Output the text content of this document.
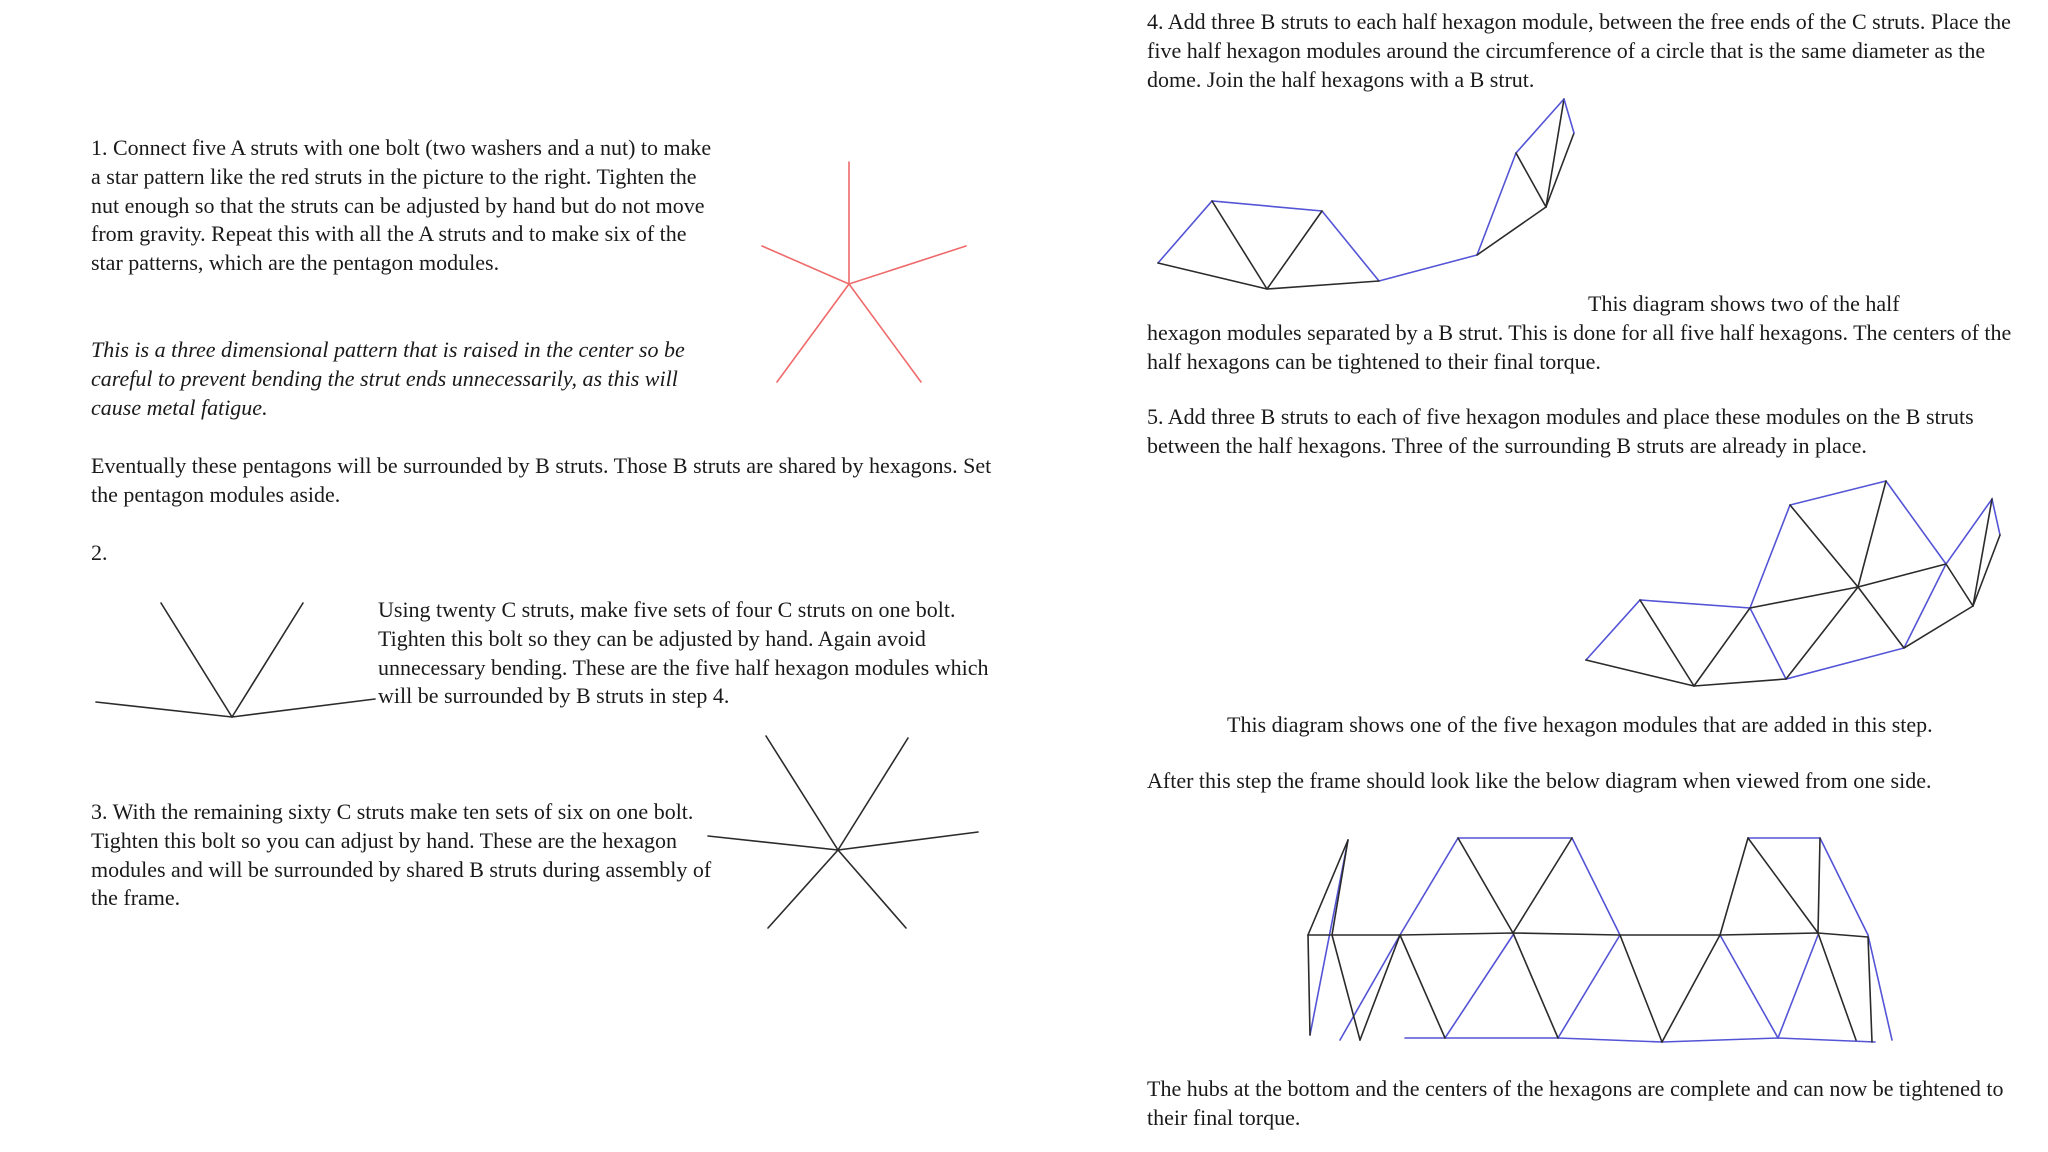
1. Connect five A struts with one bolt (two washers and a nut) to make a star pattern like the red struts in the picture to the right. Tighten the nut enough so that the struts can be adjusted by hand but do not move from gravity. Repeat this with all the A struts and to make six of the star patterns, which are the pentagon modules.

This is a three dimensional pattern that is raised in the center so be careful to prevent bending the strut ends unnecessarily, as this will cause metal fatigue.

Eventually these pentagons will be surrounded by B struts. Those B struts are shared by hexagons. Set the pentagon modules aside.

2.

Using twenty C struts, make five sets of four C struts on one bolt. Tighten this bolt so they can be adjusted by hand. Again avoid unnecessary bending. These are the five half hexagon modules which will be surrounded by B struts in step 4.

3. With the remaining sixty C struts make ten sets of six on one bolt. Tighten this bolt so you can adjust by hand. These are the hexagon modules and will be surrounded by shared B struts during assembly of the frame.

4. Add three B struts to each half hexagon module, between the free ends of the C struts. Place the five half hexagon modules around the circumference of a circle that is the same diameter as the dome. Join the half hexagons with a B strut.

This diagram shows two of the half

hexagon modules separated by a B strut. This is done for all five half hexagons. The centers of the half hexagons can be tightened to their final torque.

5. Add three B struts to each of five hexagon modules and place these modules on the B struts between the half hexagons. Three of the surrounding B struts are already in place.

This diagram shows one of the five hexagon modules that are added in this step.

After this step the frame should look like the below diagram when viewed from one side.

The hubs at the bottom and the centers of the hexagons are complete and can now be tightened to their final torque.
